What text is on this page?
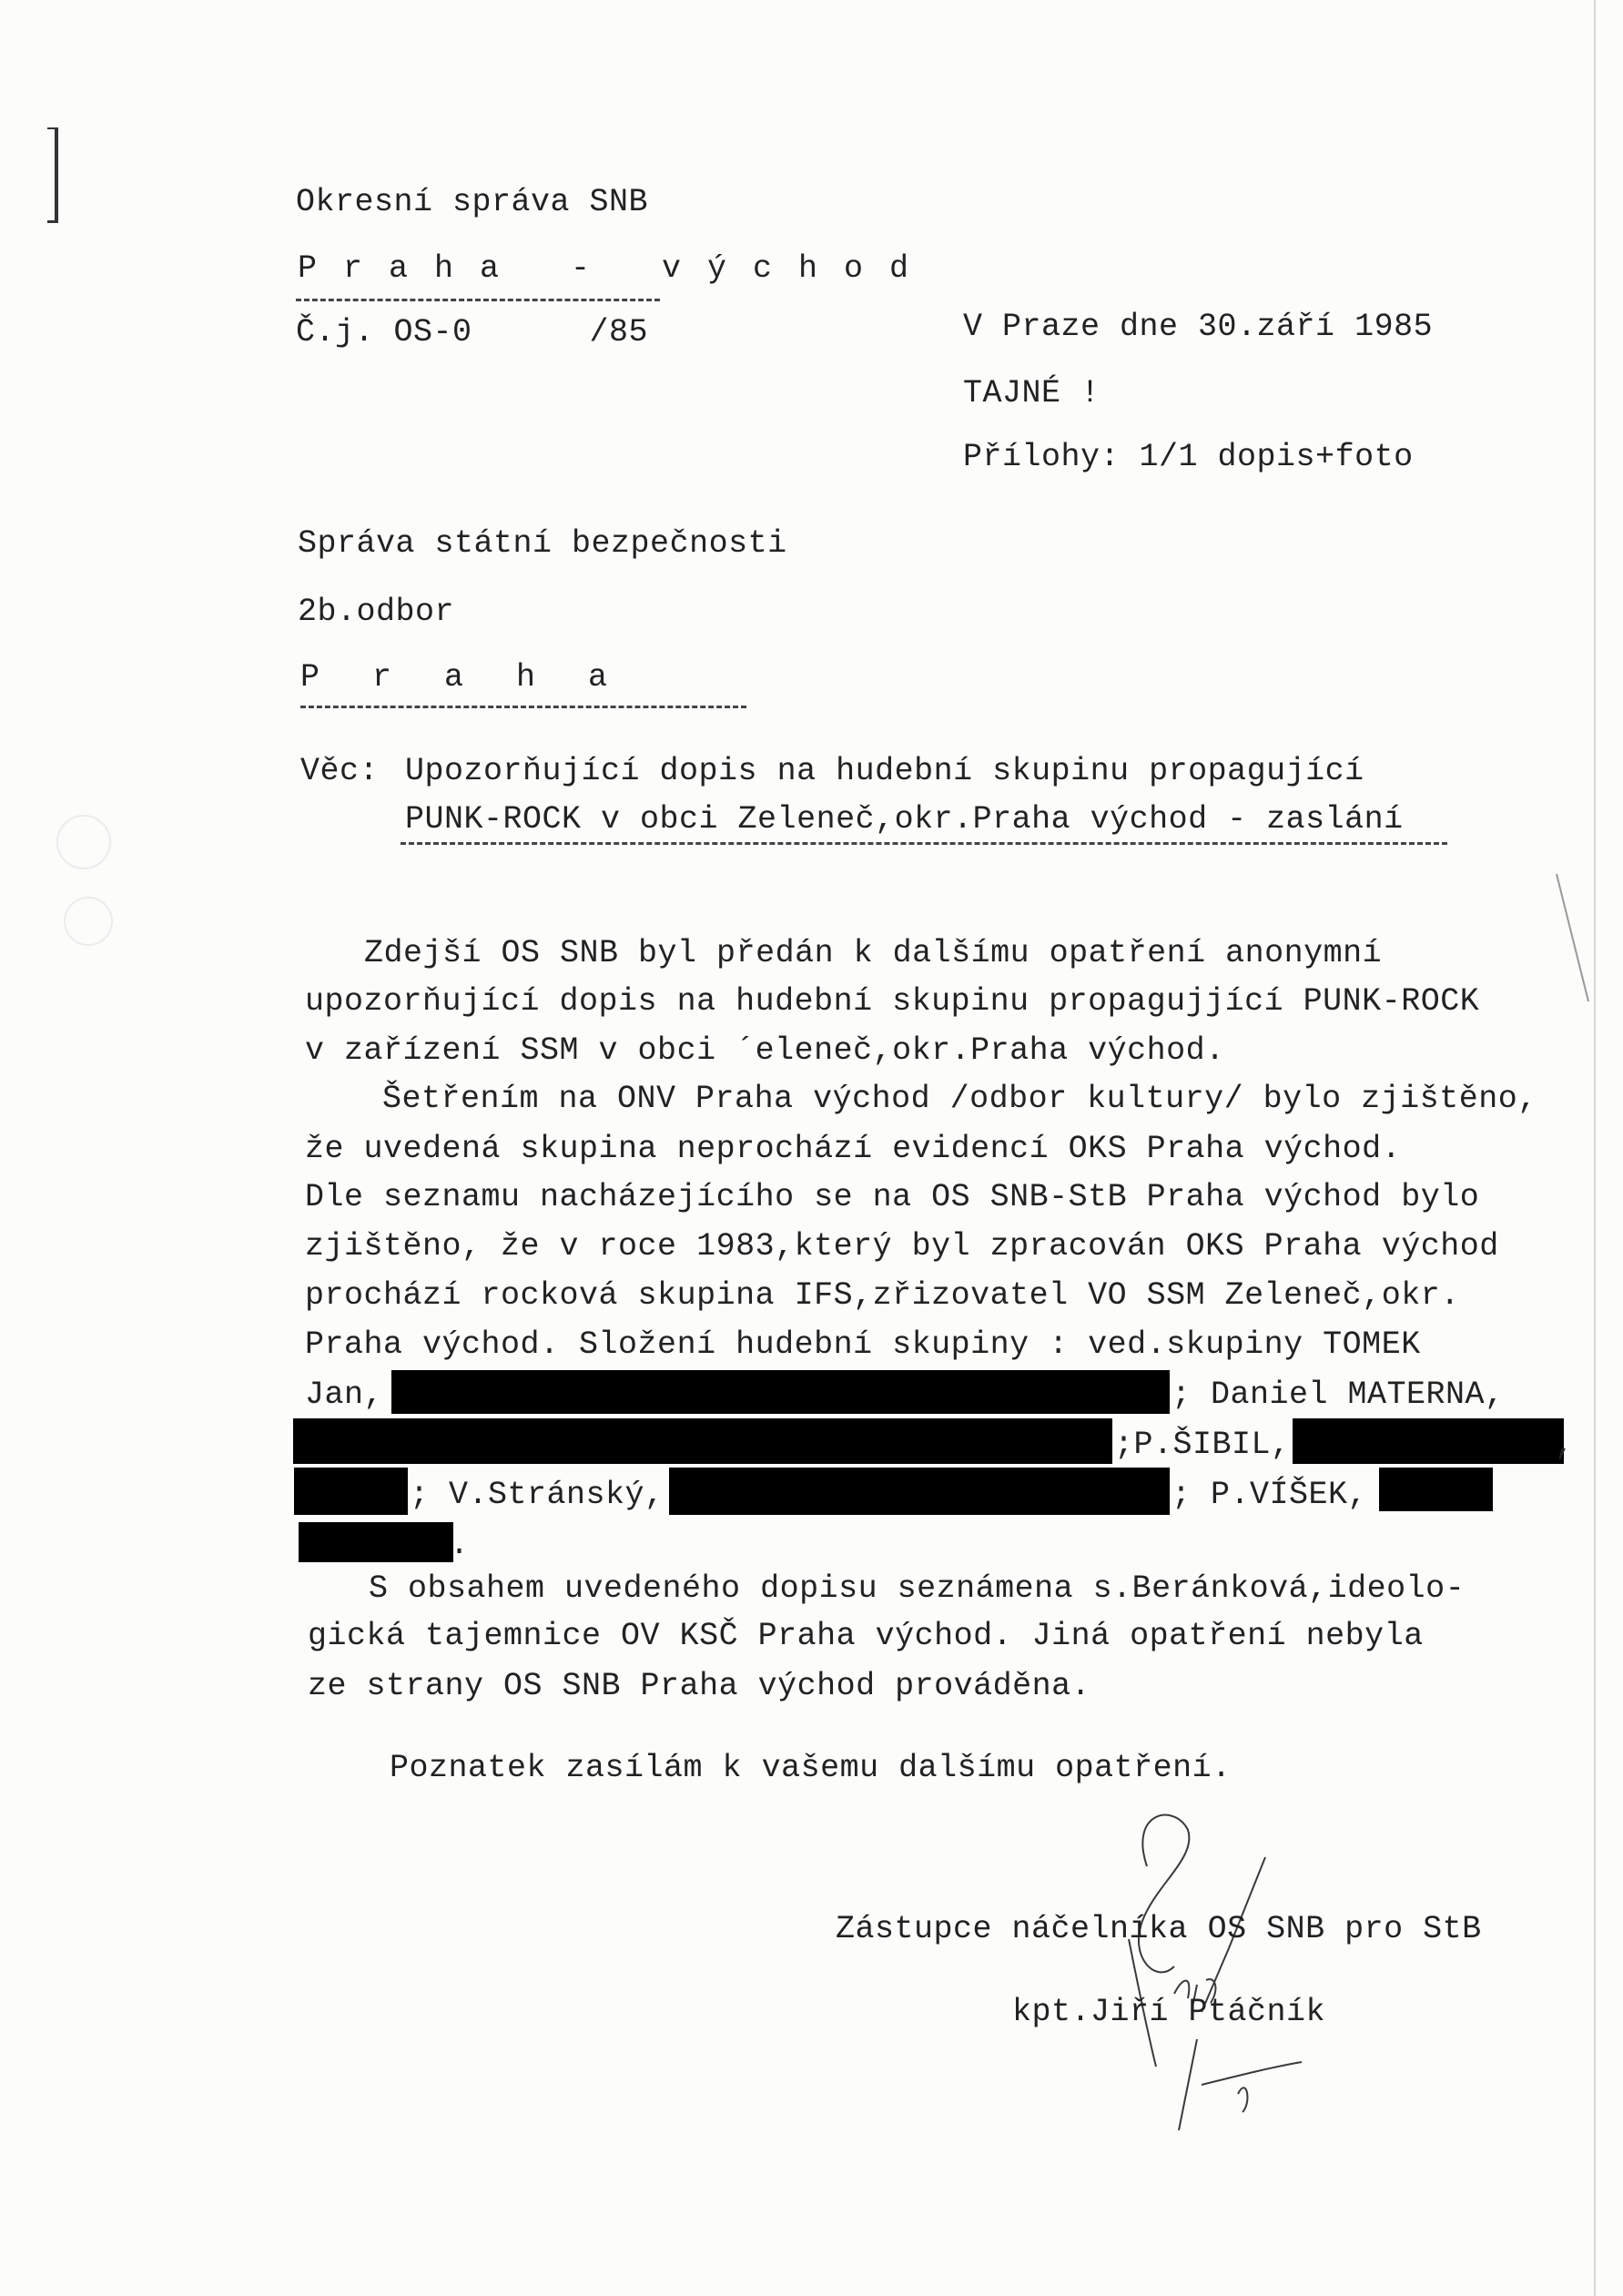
Okresní správa SNB
Praha - východ
Č.j. OS-0      /85	V Praze dne 30.září 1985
TAJNÉ !
Přílohy: 1/1 dopis+foto
Správa státní bezpečnosti
2b.odbor
Praha
Věc: Upozorňující dopis na hudební skupinu propagující
PUNK-ROCK v obci Zeleneč,okr.Praha východ - zaslání
Zdejší OS SNB byl předán k dalšímu opatření anonymní
upozorňující dopis na hudební skupinu propagujjící PUNK-ROCK
v zařízení SSM v obci ´eleneč,okr.Praha východ.
Šetřením na ONV Praha východ /odbor kultury/ bylo zjištěno,
že uvedená skupina neprochází evidencí OKS Praha východ.
Dle seznamu nacházejícího se na OS SNB-StB Praha východ bylo
zjištěno, že v roce 1983,který byl zpracován OKS Praha východ
prochází rocková skupina IFS,zřizovatel VO SSM Zeleneč,okr.
Praha východ. Složení hudební skupiny : ved.skupiny TOMEK
Jan,	; Daniel MATERNA,
;P.ŠIBIL,	,
; V.Stránský,	; P.VÍŠEK,
.
S obsahem uvedeného dopisu seznámena s.Beránková,ideolo-
gická tajemnice OV KSČ Praha východ. Jiná opatření nebyla
ze strany OS SNB Praha východ prováděna.
Poznatek zasílám k vašemu dalšímu opatření.
Zástupce náčelníka OS SNB pro StB
kpt.Jiří Ptáčník
